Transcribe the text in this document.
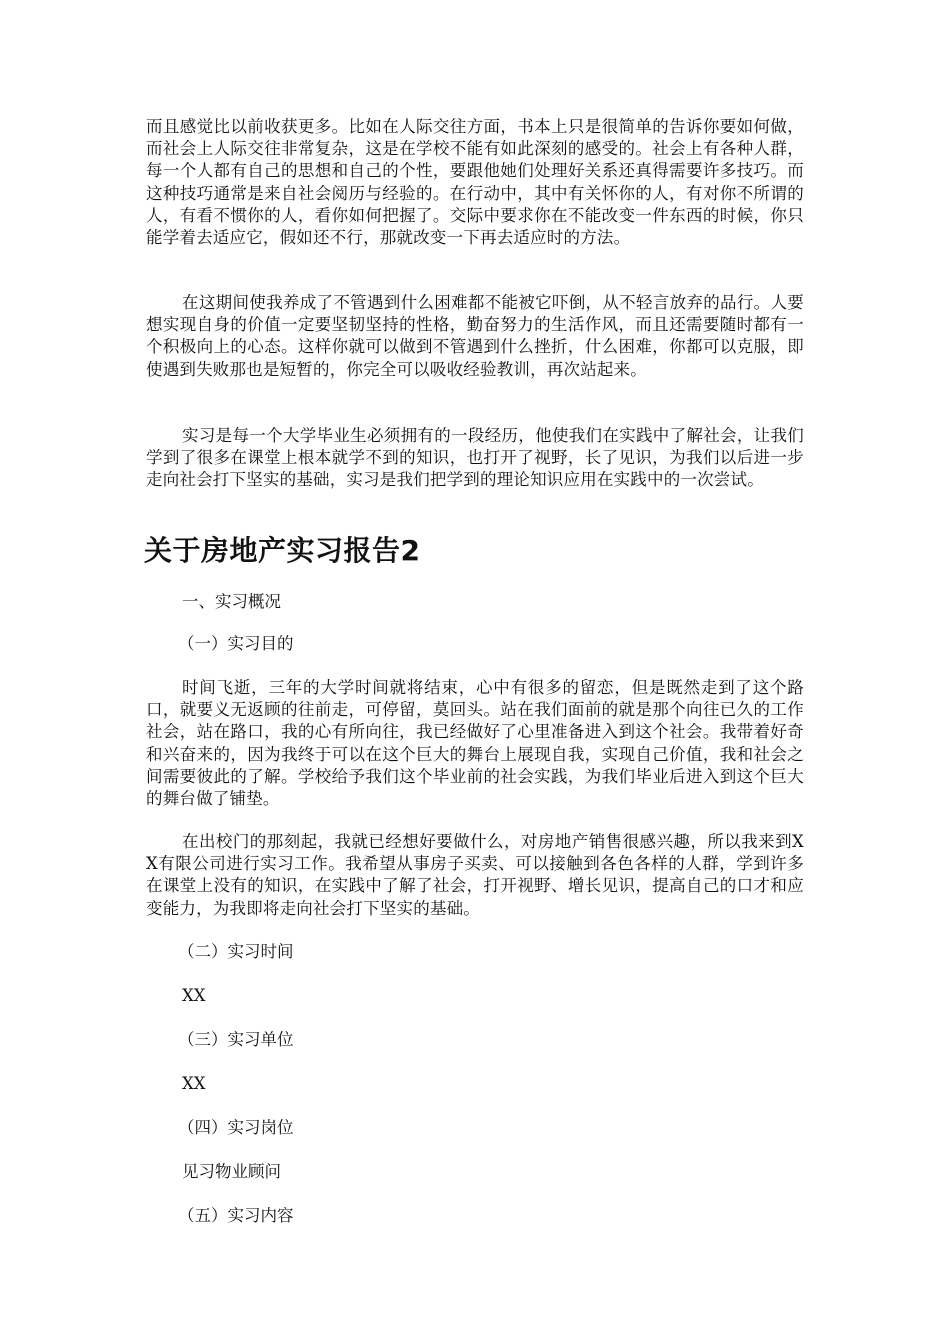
而且感觉比以前收获更多。比如在人际交往方面，书本上只是很简单的告诉你要如何做，而社会上人际交往非常复杂，这是在学校不能有如此深刻的感受的。社会上有各种人群，每一个人都有自己的思想和自己的个性，要跟他她们处理好关系还真得需要许多技巧。而这种技巧通常是来自社会阅历与经验的。在行动中，其中有关怀你的人，有对你不所谓的人，有看不惯你的人，看你如何把握了。交际中要求你在不能改变一件东西的时候，你只能学着去适应它，假如还不行，那就改变一下再去适应时的方法。
在这期间使我养成了不管遇到什么困难都不能被它吓倒，从不轻言放弃的品行。人要想实现自身的价值一定要坚韧坚持的性格，勤奋努力的生活作风，而且还需要随时都有一个积极向上的心态。这样你就可以做到不管遇到什么挫折，什么困难，你都可以克服，即使遇到失败那也是短暂的，你完全可以吸收经验教训，再次站起来。
实习是每一个大学毕业生必须拥有的一段经历，他使我们在实践中了解社会，让我们学到了很多在课堂上根本就学不到的知识，也打开了视野，长了见识，为我们以后进一步走向社会打下坚实的基础，实习是我们把学到的理论知识应用在实践中的一次尝试。
关于房地产实习报告2
一、实习概况
（一）实习目的
时间飞逝，三年的大学时间就将结束，心中有很多的留恋，但是既然走到了这个路口，就要义无返顾的往前走，可停留，莫回头。站在我们面前的就是那个向往已久的工作社会，站在路口，我的心有所向往，我已经做好了心里准备进入到这个社会。我带着好奇和兴奋来的，因为我终于可以在这个巨大的舞台上展现自我，实现自己价值，我和社会之间需要彼此的了解。学校给予我们这个毕业前的社会实践，为我们毕业后进入到这个巨大的舞台做了铺垫。
在出校门的那刻起，我就已经想好要做什么，对房地产销售很感兴趣，所以我来到XX有限公司进行实习工作。我希望从事房子买卖、可以接触到各色各样的人群，学到许多在课堂上没有的知识，在实践中了解了社会，打开视野、增长见识，提高自己的口才和应变能力，为我即将走向社会打下坚实的基础。
（二）实习时间
XX
（三）实习单位
XX
（四）实习岗位
见习物业顾问
（五）实习内容
